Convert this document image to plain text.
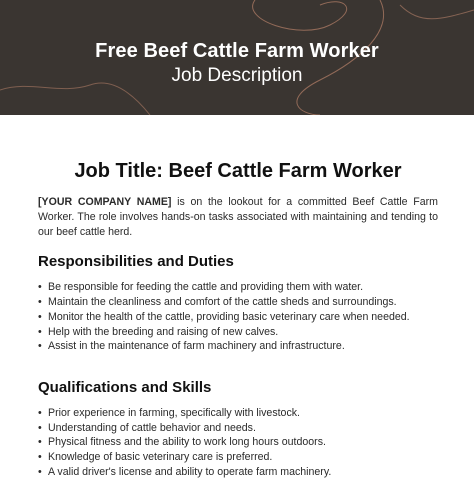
Free Beef Cattle Farm Worker
Job Description
Job Title: Beef Cattle Farm Worker

[YOUR COMPANY NAME] is on the lookout for a committed Beef Cattle Farm Worker. The role involves hands-on tasks associated with maintaining and tending to our beef cattle herd.

Responsibilities and Duties
• Be responsible for feeding the cattle and providing them with water.
• Maintain the cleanliness and comfort of the cattle sheds and surroundings.
• Monitor the health of the cattle, providing basic veterinary care when needed.
• Help with the breeding and raising of new calves.
• Assist in the maintenance of farm machinery and infrastructure.
Qualifications and Skills
• Prior experience in farming, specifically with livestock.
• Understanding of cattle behavior and needs.
• Physical fitness and the ability to work long hours outdoors.
• Knowledge of basic veterinary care is preferred.
• A valid driver's license and ability to operate farm machinery.
